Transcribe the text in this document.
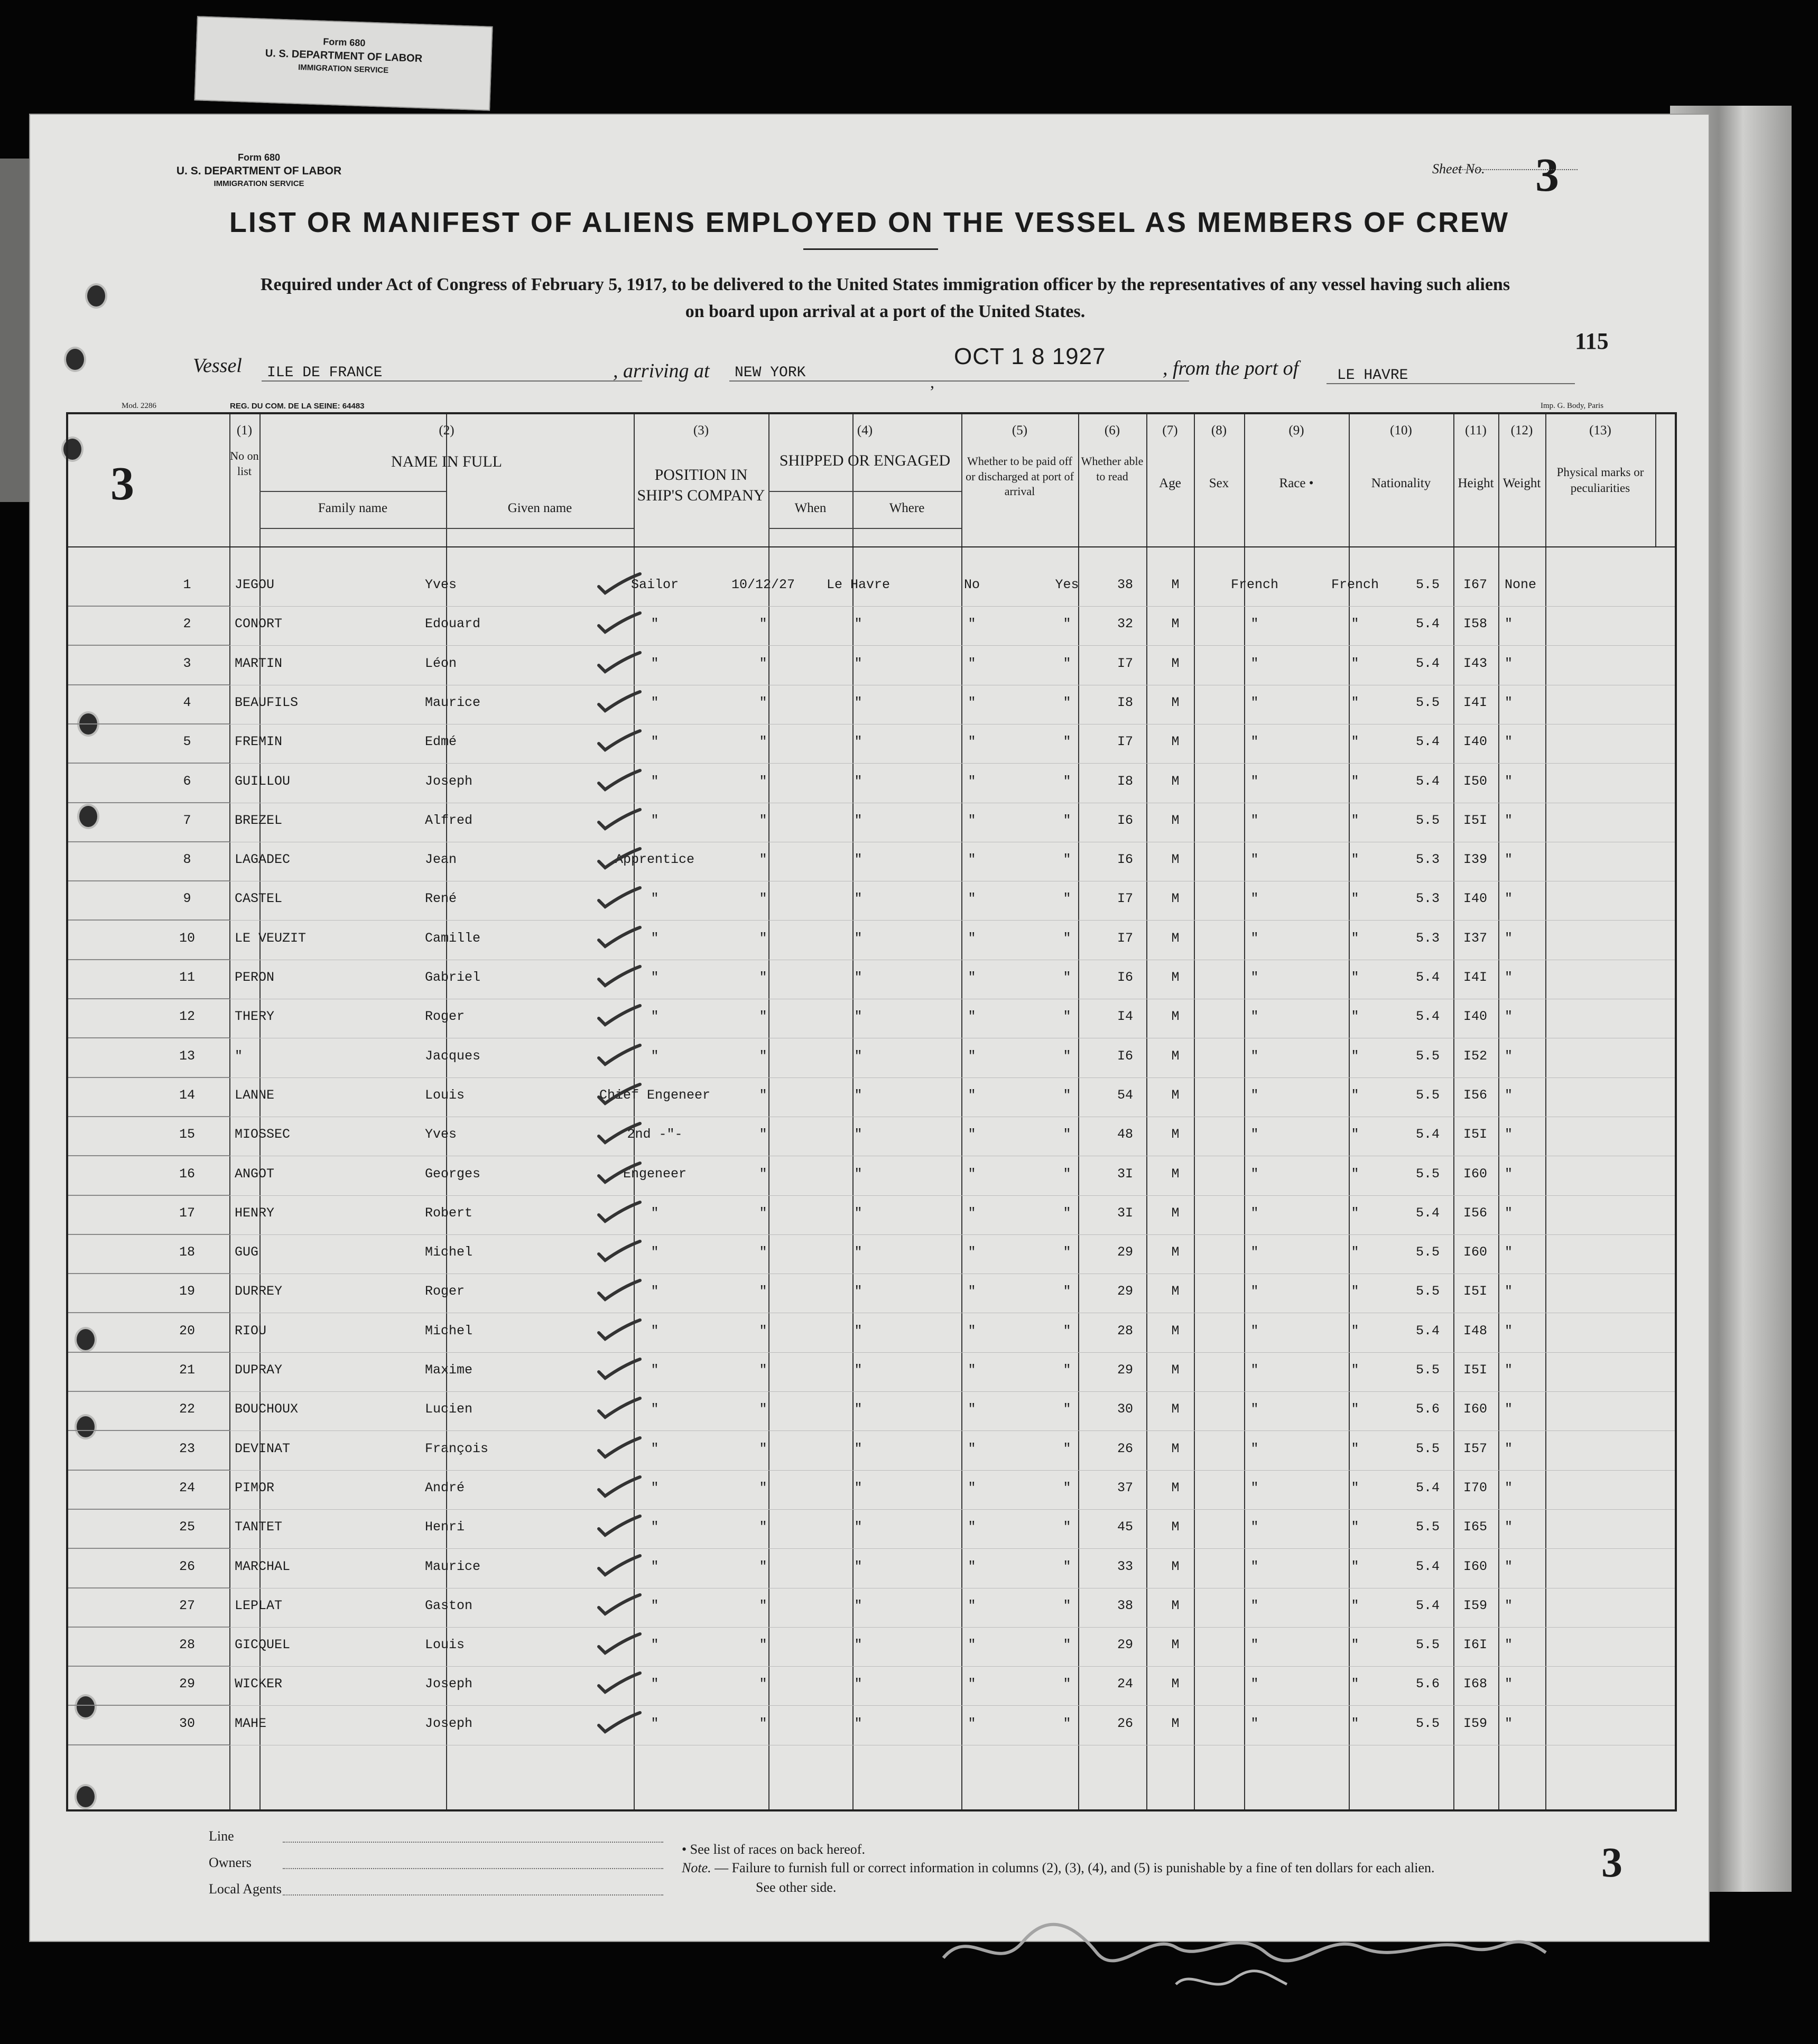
Form 680
U. S. DEPARTMENT OF LABOR
IMMIGRATION SERVICE
Form 680
U. S. DEPARTMENT OF LABOR
IMMIGRATION SERVICE
Sheet No. 3
LIST OR MANIFEST OF ALIENS EMPLOYED ON THE VESSEL AS MEMBERS OF CREW
Required under Act of Congress of February 5, 1917, to be delivered to the United States immigration officer by the representatives of any vessel having such aliens
on board upon arrival at a port of the United States.
115
Vessel ILE DE FRANCE	, arriving at NEW YORK	,
OCT 1 8 1927	, from the port of	LE HAVRE
Mod. 2286	REG. DU COM. DE LA SEINE: 64483	Imp. G. Body, Paris
3
(1)
No on list
(2)
NAME IN FULL
Family name	Given name
(3)
POSITION IN SHIP'S COMPANY
(4)
SHIPPED OR ENGAGED
When	Where
(5)
Whether to be paid off or discharged at port of arrival
(6)
Whether able to read
(7)
Age
(8)
Sex
(9)
Race •
(10)
Nationality
(11)
Height
(12)
Weight
(13)
Physical marks or peculiarities
1	JEGOU	Yves	Sailor	10/12/27	Le Havre	No	Yes	38	M	French	French	5.5	I67	None
2	CONORT	Edouard	"	"	"	"	"	32	M	"	"	5.4	I58	"
3	MARTIN	Léon	"	"	"	"	"	I7	M	"	"	5.4	I43	"
4	BEAUFILS	Maurice	"	"	"	"	"	I8	M	"	"	5.5	I4I	"
5	FREMIN	Edmé	"	"	"	"	"	I7	M	"	"	5.4	I40	"
6	GUILLOU	Joseph	"	"	"	"	"	I8	M	"	"	5.4	I50	"
7	BREZEL	Alfred	"	"	"	"	"	I6	M	"	"	5.5	I5I	"
8	LAGADEC	Jean	Apprentice	"	"	"	"	I6	M	"	"	5.3	I39	"
9	CASTEL	René	"	"	"	"	"	I7	M	"	"	5.3	I40	"
10	LE VEUZIT	Camille	"	"	"	"	"	I7	M	"	"	5.3	I37	"
11	PERON	Gabriel	"	"	"	"	"	I6	M	"	"	5.4	I4I	"
12	THERY	Roger	"	"	"	"	"	I4	M	"	"	5.4	I40	"
13	"	Jacques	"	"	"	"	"	I6	M	"	"	5.5	I52	"
14	LANNE	Louis	Chief Engeneer	"	"	"	"	54	M	"	"	5.5	I56	"
15	MIOSSEC	Yves	2nd -"-	"	"	"	"	48	M	"	"	5.4	I5I	"
16	ANGOT	Georges	Engeneer	"	"	"	"	3I	M	"	"	5.5	I60	"
17	HENRY	Robert	"	"	"	"	"	3I	M	"	"	5.4	I56	"
18	GUG	Michel	"	"	"	"	"	29	M	"	"	5.5	I60	"
19	DURREY	Roger	"	"	"	"	"	29	M	"	"	5.5	I5I	"
20	RIOU	Michel	"	"	"	"	"	28	M	"	"	5.4	I48	"
21	DUPRAY	Maxime	"	"	"	"	"	29	M	"	"	5.5	I5I	"
22	BOUCHOUX	Lucien	"	"	"	"	"	30	M	"	"	5.6	I60	"
23	DEVINAT	François	"	"	"	"	"	26	M	"	"	5.5	I57	"
24	PIMOR	André	"	"	"	"	"	37	M	"	"	5.4	I70	"
25	TANTET	Henri	"	"	"	"	"	45	M	"	"	5.5	I65	"
26	MARCHAL	Maurice	"	"	"	"	"	33	M	"	"	5.4	I60	"
27	LEPLAT	Gaston	"	"	"	"	"	38	M	"	"	5.4	I59	"
28	GICQUEL	Louis	"	"	"	"	"	29	M	"	"	5.5	I6I	"
29	WICKER	Joseph	"	"	"	"	"	24	M	"	"	5.6	I68	"
30	MAHE	Joseph	"	"	"	"	"	26	M	"	"	5.5	I59	"
Line
Owners
Local Agents
• See list of races on back hereof.
Note. — Failure to furnish full or correct information in columns (2), (3), (4), and (5) is punishable by a fine of ten dollars for each alien.
See other side.
3
